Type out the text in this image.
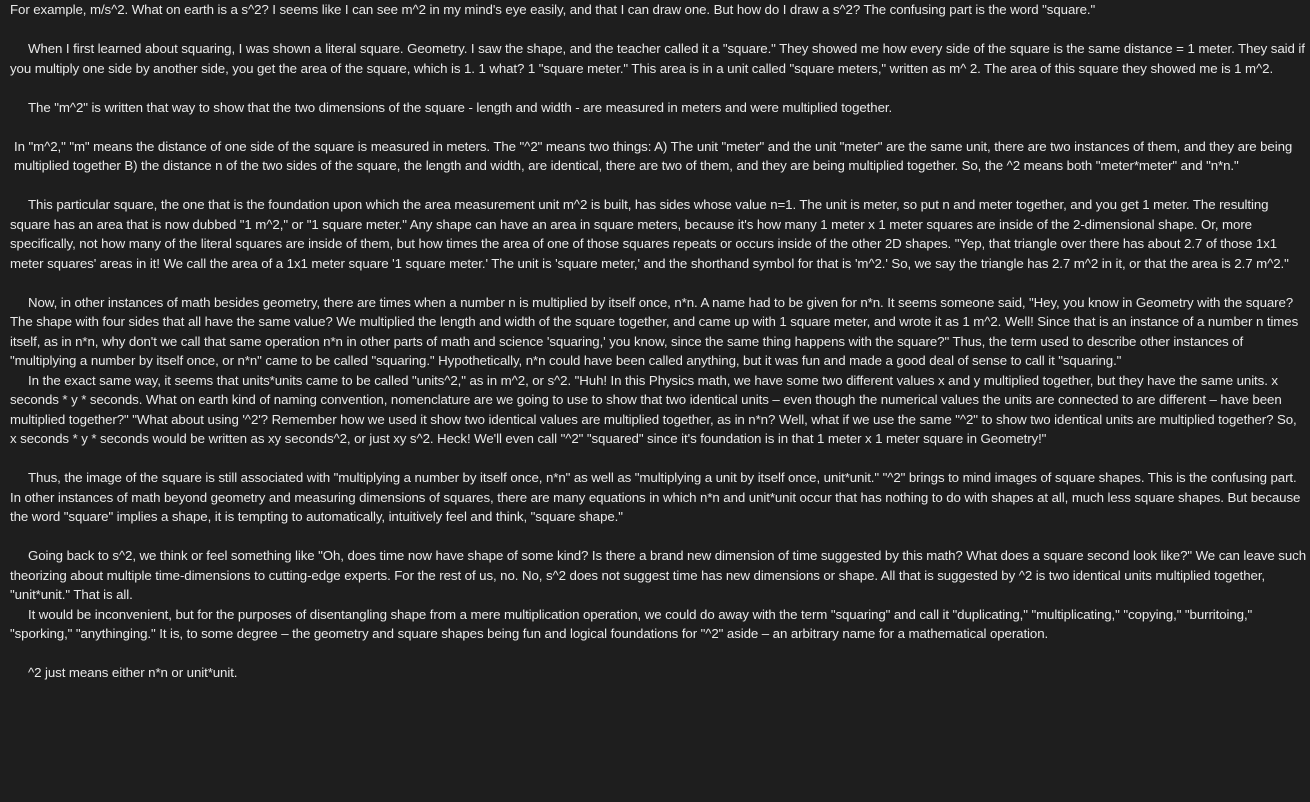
For example, m/s^2. What on earth is a s^2? I seems like I can see m^2 in my mind's eye easily, and that I can draw one. But how do I draw a s^2? The confusing part is the word "square."

When I first learned about squaring, I was shown a literal square. Geometry. I saw the shape, and the teacher called it a "square." They showed me how every side of the square is the same distance = 1 meter. They said if you multiply one side by another side, you get the area of the square, which is 1. 1 what? 1 "square meter." This area is in a unit called "square meters," written as m^ 2. The area of this square they showed me is 1 m^2.

The "m^2" is written that way to show that the two dimensions of the square - length and width - are measured in meters and were multiplied together.

In "m^2," "m" means the distance of one side of the square is measured in meters. The "^2" means two things: A) The unit "meter" and the unit "meter" are the same unit, there are two instances of them, and they are being multiplied together B) the distance n of the two sides of the square, the length and width, are identical, there are two of them, and they are being multiplied together. So, the ^2 means both "meter*meter" and "n*n."

This particular square, the one that is the foundation upon which the area measurement unit m^2 is built, has sides whose value n=1. The unit is meter, so put n and meter together, and you get 1 meter. The resulting square has an area that is now dubbed "1 m^2," or "1 square meter." Any shape can have an area in square meters, because it's how many 1 meter x 1 meter squares are inside of the 2-dimensional shape. Or, more specifically, not how many of the literal squares are inside of them, but how times the area of one of those squares repeats or occurs inside of the other 2D shapes. "Yep, that triangle over there has about 2.7 of those 1x1 meter squares' areas in it! We call the area of a 1x1 meter square '1 square meter.' The unit is 'square meter,' and the shorthand symbol for that is 'm^2.' So, we say the triangle has 2.7 m^2 in it, or that the area is 2.7 m^2."

Now, in other instances of math besides geometry, there are times when a number n is multiplied by itself once, n*n. A name had to be given for n*n. It seems someone said, "Hey, you know in Geometry with the square? The shape with four sides that all have the same value? We multiplied the length and width of the square together, and came up with 1 square meter, and wrote it as 1 m^2. Well! Since that is an instance of a number n times itself, as in n*n, why don't we call that same operation n*n in other parts of math and science 'squaring,' you know, since the same thing happens with the square?" Thus, the term used to describe other instances of "multiplying a number by itself once, or n*n" came to be called "squaring." Hypothetically, n*n could have been called anything, but it was fun and made a good deal of sense to call it "squaring."

In the exact same way, it seems that units*units came to be called "units^2," as in m^2, or s^2. "Huh! In this Physics math, we have some two different values x and y multiplied together, but they have the same units. x seconds * y * seconds. What on earth kind of naming convention, nomenclature are we going to use to show that two identical units – even though the numerical values the units are connected to are different – have been multiplied together?" "What about using '^2'? Remember how we used it show two identical values are multiplied together, as in n*n? Well, what if we use the same "^2" to show two identical units are multiplied together? So, x seconds * y * seconds would be written as xy seconds^2, or just xy s^2. Heck! We'll even call "^2" "squared" since it's foundation is in that 1 meter x 1 meter square in Geometry!"

Thus, the image of the square is still associated with "multiplying a number by itself once, n*n" as well as "multiplying a unit by itself once, unit*unit." "^2" brings to mind images of square shapes. This is the confusing part. In other instances of math beyond geometry and measuring dimensions of squares, there are many equations in which n*n and unit*unit occur that has nothing to do with shapes at all, much less square shapes. But because the word "square" implies a shape, it is tempting to automatically, intuitively feel and think, "square shape."

Going back to s^2, we think or feel something like "Oh, does time now have shape of some kind? Is there a brand new dimension of time suggested by this math? What does a square second look like?" We can leave such theorizing about multiple time-dimensions to cutting-edge experts. For the rest of us, no. No, s^2 does not suggest time has new dimensions or shape. All that is suggested by ^2 is two identical units multiplied together, "unit*unit." That is all.

It would be inconvenient, but for the purposes of disentangling shape from a mere multiplication operation, we could do away with the term "squaring" and call it "duplicating," "multiplicating," "copying," "burritoing," "sporking," "anythinging." It is, to some degree – the geometry and square shapes being fun and logical foundations for "^2" aside – an arbitrary name for a mathematical operation.

^2 just means either n*n or unit*unit.
